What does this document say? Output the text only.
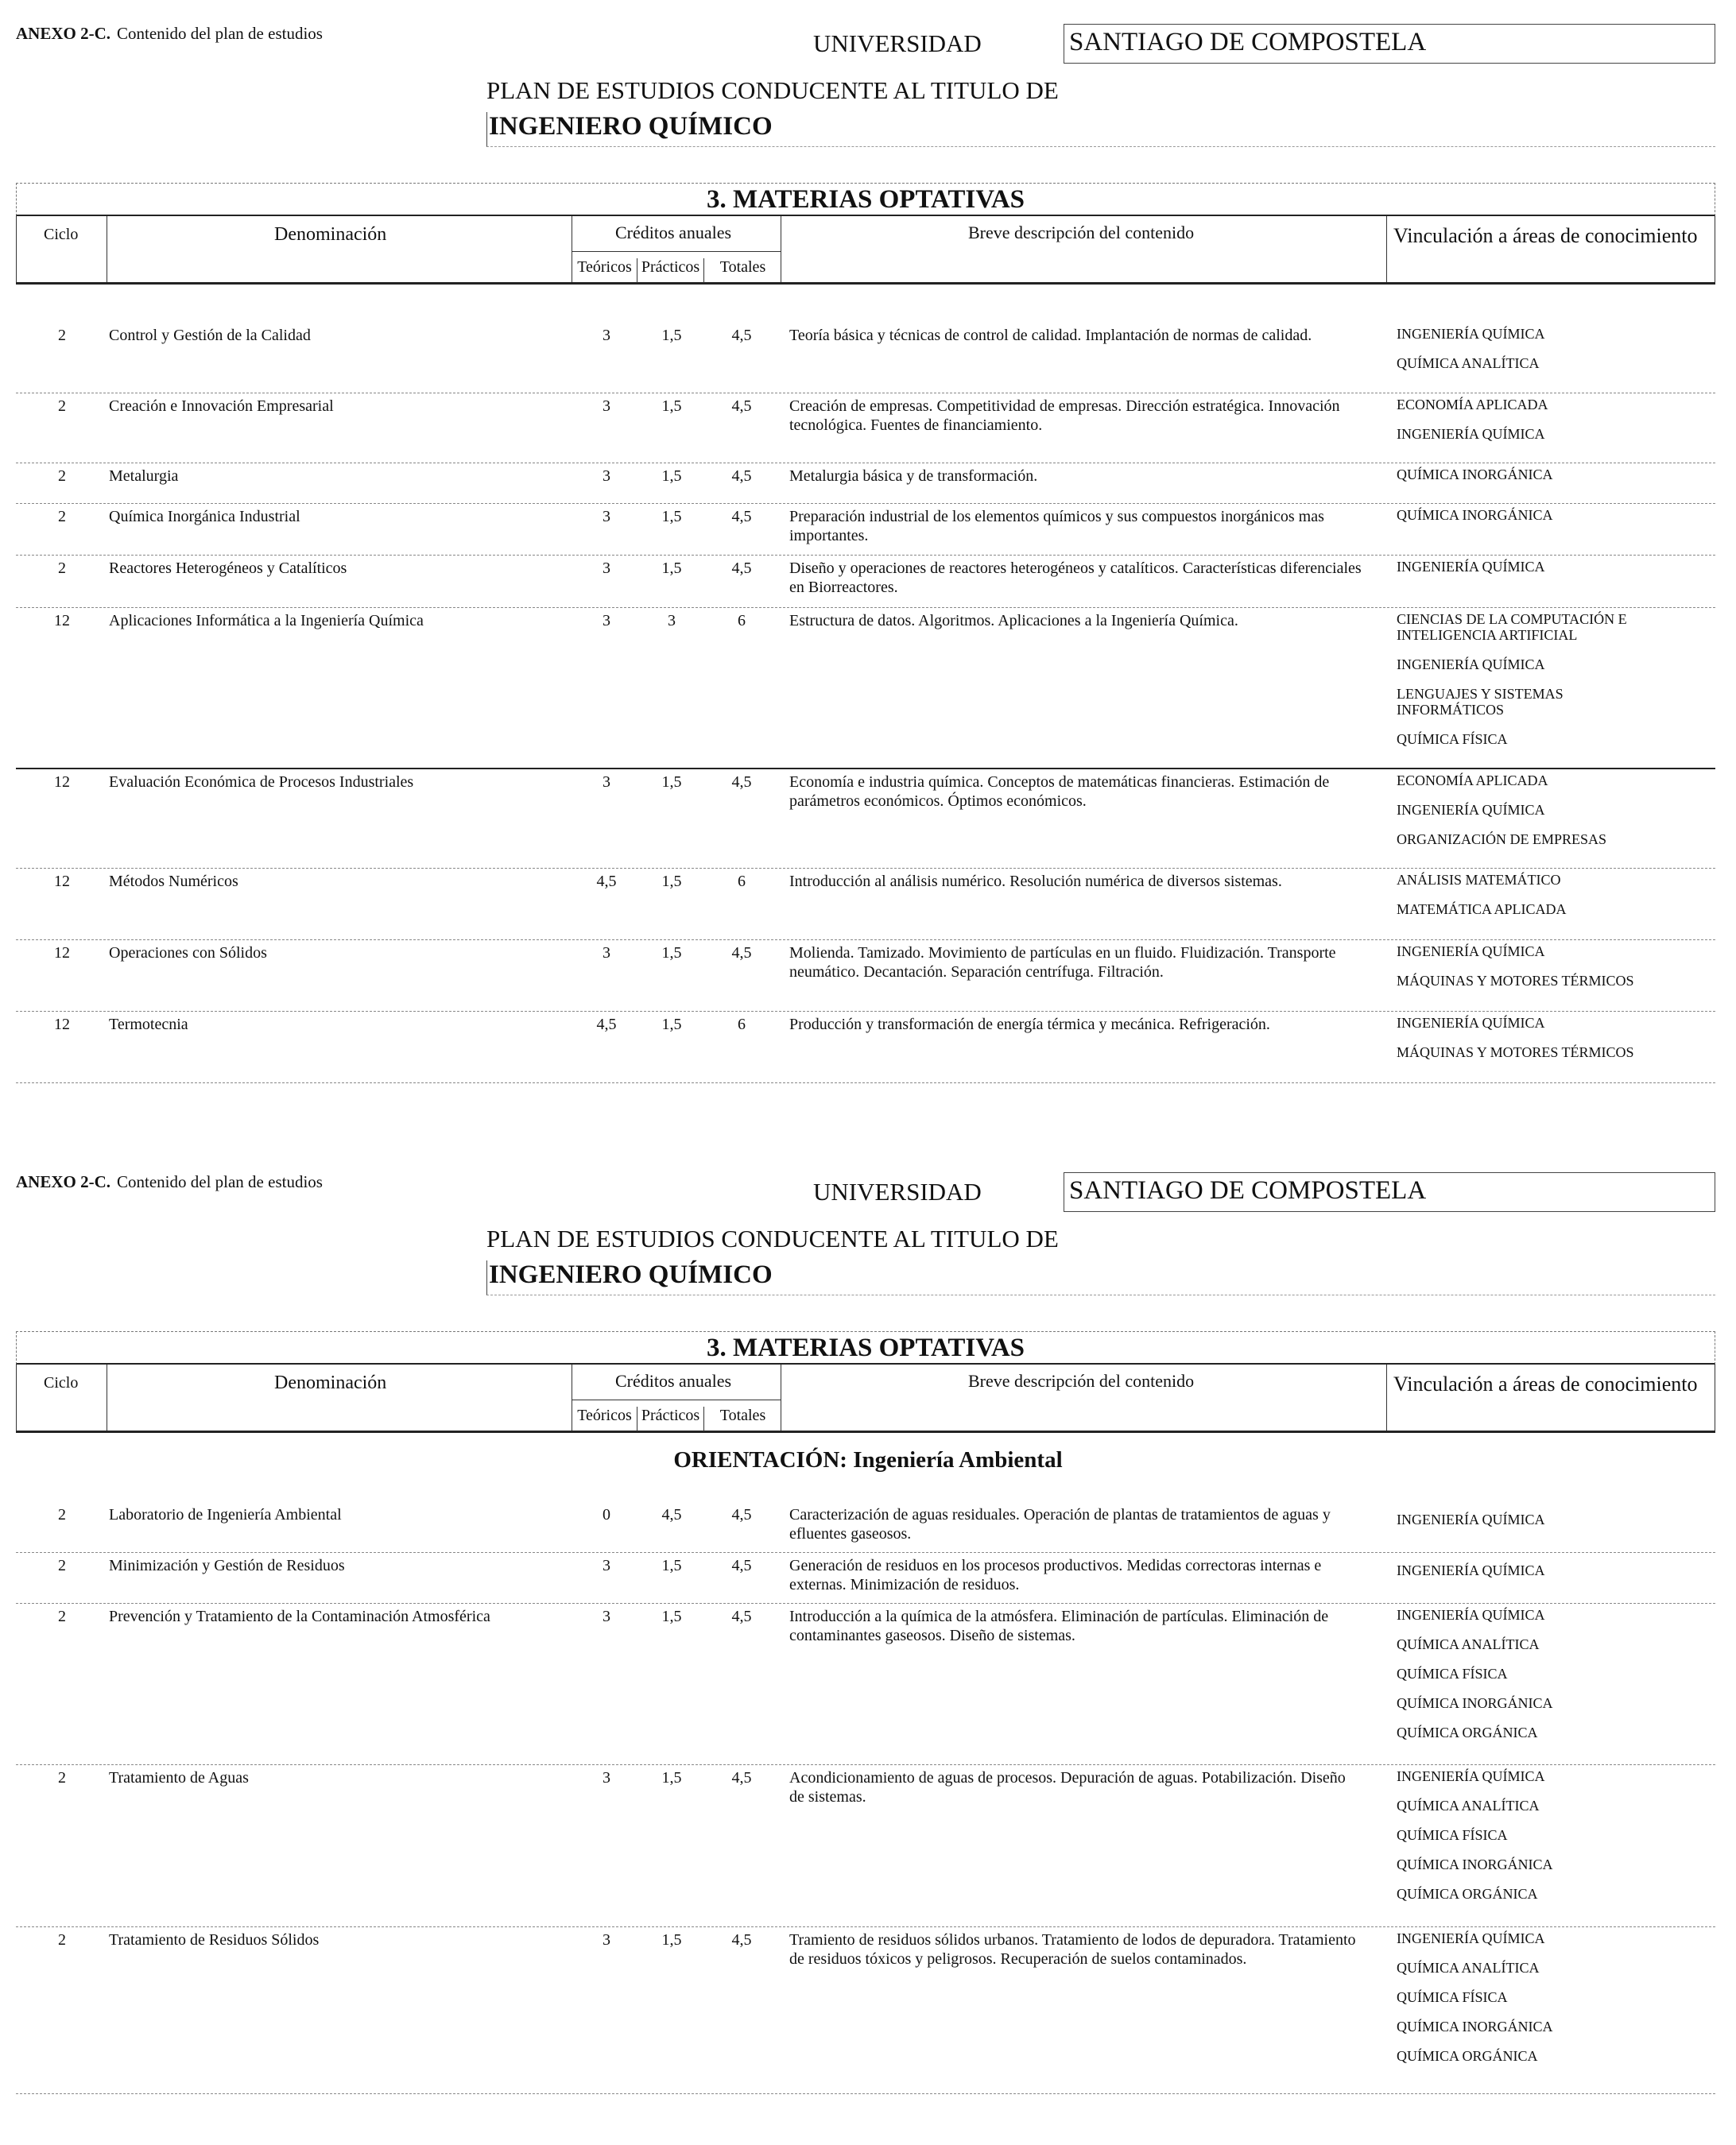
ANEXO 2-C. Contenido del plan de estudios	UNIVERSIDAD	SANTIAGO DE COMPOSTELA
PLAN DE ESTUDIOS CONDUCENTE AL TITULO DE
INGENIERO QUÍMICO
3. MATERIAS OPTATIVAS
Ciclo	Denominación	Créditos anuales
Teóricos Prácticos	Totales
Breve descripción del contenido	Vinculación a áreas de conocimiento
2	Control y Gestión de la Calidad	3	1,5	4,5	Teoría básica y técnicas de control de calidad. Implantación de normas de calidad.	INGENIERÍA QUÍMICA
QUÍMICA ANALÍTICA
2	Creación e Innovación Empresarial	3	1,5	4,5	Creación de empresas. Competitividad de empresas. Dirección estratégica. Innovación tecnológica. Fuentes de financiamiento.
ECONOMÍA APLICADA
INGENIERÍA QUÍMICA
2	Metalurgia	3	1,5	4,5	Metalurgia básica y de transformación.	QUÍMICA INORGÁNICA
2	Química Inorgánica Industrial	3	1,5	4,5	Preparación industrial de los elementos químicos y sus compuestos inorgánicos mas importantes.
QUÍMICA INORGÁNICA
2	Reactores Heterogéneos y Catalíticos	3	1,5	4,5	Diseño y operaciones de reactores heterogéneos y catalíticos. Características diferenciales en Biorreactores.
INGENIERÍA QUÍMICA
12	Aplicaciones Informática a la Ingeniería Química	3	3	6	Estructura de datos. Algoritmos. Aplicaciones a la Ingeniería Química.	CIENCIAS DE LA COMPUTACIÓN E INTELIGENCIA ARTIFICIAL
INGENIERÍA QUÍMICA
LENGUAJES Y SISTEMAS INFORMÁTICOS
QUÍMICA FÍSICA
12	Evaluación Económica de Procesos Industriales	3	1,5	4,5	Economía e industria química. Conceptos de matemáticas financieras. Estimación de parámetros económicos. Óptimos económicos.
ECONOMÍA APLICADA
INGENIERÍA QUÍMICA
ORGANIZACIÓN DE EMPRESAS
12	Métodos Numéricos	4,5	1,5	6	Introducción al análisis numérico. Resolución numérica de diversos sistemas.	ANÁLISIS MATEMÁTICO
MATEMÁTICA APLICADA
12	Operaciones con Sólidos	3	1,5	4,5	Molienda. Tamizado. Movimiento de partículas en un fluido. Fluidización. Transporte neumático. Decantación. Separación centrífuga. Filtración.
INGENIERÍA QUÍMICA
MÁQUINAS Y MOTORES TÉRMICOS
12	Termotecnia	4,5	1,5	6	Producción y transformación de energía térmica y mecánica. Refrigeración.	INGENIERÍA QUÍMICA
MÁQUINAS Y MOTORES TÉRMICOS
ANEXO 2-C. Contenido del plan de estudios	UNIVERSIDAD	SANTIAGO DE COMPOSTELA
PLAN DE ESTUDIOS CONDUCENTE AL TITULO DE
INGENIERO QUÍMICO
3. MATERIAS OPTATIVAS
Ciclo	Denominación	Créditos anuales
Teóricos Prácticos	Totales
Breve descripción del contenido	Vinculación a áreas de conocimiento
ORIENTACIÓN: Ingeniería Ambiental
2	Laboratorio de Ingeniería Ambiental	0	4,5	4,5	Caracterización de aguas residuales. Operación de plantas de tratamientos de aguas y efluentes gaseosos.
INGENIERÍA QUÍMICA
2	Minimización y Gestión de Residuos	3	1,5	4,5	Generación de residuos en los procesos productivos. Medidas correctoras internas e externas. Minimización de residuos.
INGENIERÍA QUÍMICA
2	Prevención y Tratamiento de la Contaminación Atmosférica	3	1,5	4,5	Introducción a la química de la atmósfera. Eliminación de partículas. Eliminación de contaminantes gaseosos. Diseño de sistemas.
INGENIERÍA QUÍMICA
QUÍMICA ANALÍTICA
QUÍMICA FÍSICA
QUÍMICA INORGÁNICA
QUÍMICA ORGÁNICA
2	Tratamiento de Aguas	3	1,5	4,5	Acondicionamiento de aguas de procesos. Depuración de aguas. Potabilización. Diseño de sistemas.
INGENIERÍA QUÍMICA
QUÍMICA ANALÍTICA
QUÍMICA FÍSICA
QUÍMICA INORGÁNICA
QUÍMICA ORGÁNICA
2	Tratamiento de Residuos Sólidos	3	1,5	4,5	Tramiento de residuos sólidos urbanos. Tratamiento de lodos de depuradora. Tratamiento de residuos tóxicos y peligrosos. Recuperación de suelos contaminados.
INGENIERÍA QUÍMICA
QUÍMICA ANALÍTICA
QUÍMICA FÍSICA
QUÍMICA INORGÁNICA
QUÍMICA ORGÁNICA
